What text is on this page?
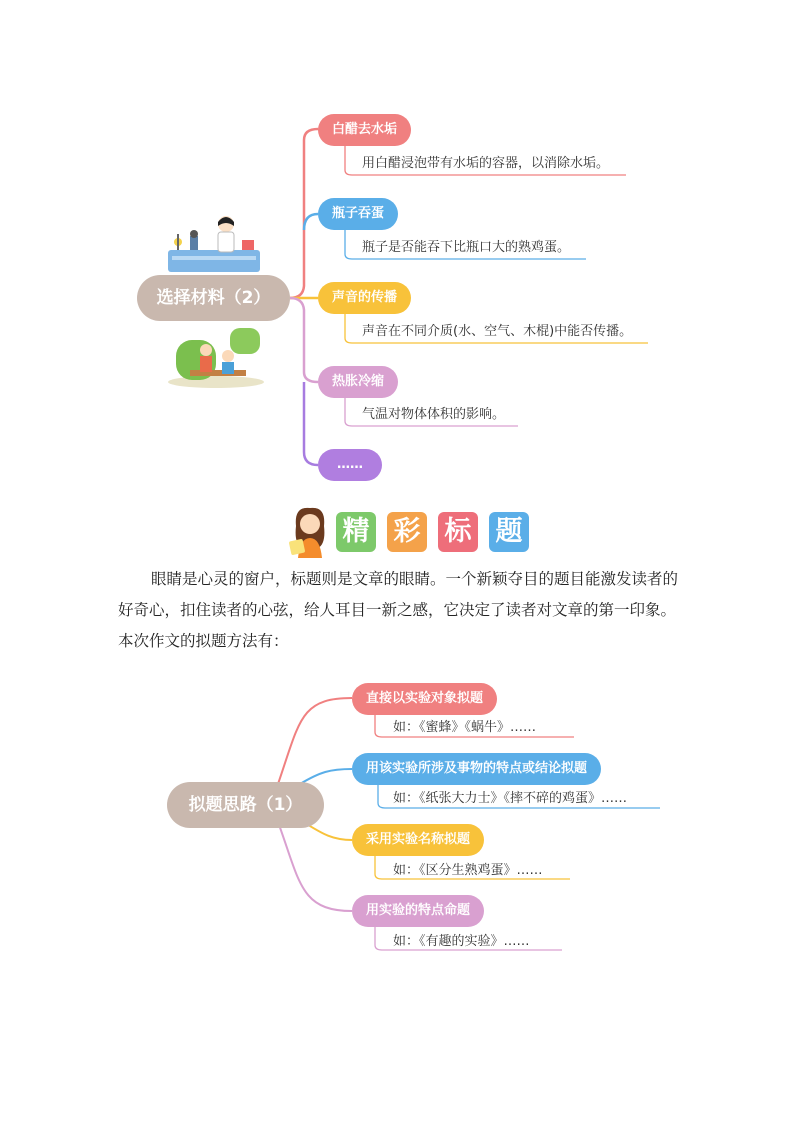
选择材料（2）
白醋去水垢
用白醋浸泡带有水垢的容器，以消除水垢。
瓶子吞蛋
瓶子是否能吞下比瓶口大的熟鸡蛋。
声音的传播
声音在不同介质(水、空气、木棍)中能否传播。
热胀冷缩
气温对物体体积的影响。
……
精 彩 标 题
眼睛是心灵的窗户，标题则是文章的眼睛。一个新颖夺目的题目能激发读者的好奇心，扣住读者的心弦，给人耳目一新之感，它决定了读者对文章的第一印象。本次作文的拟题方法有：
拟题思路（1）
直接以实验对象拟题
如：《蜜蜂》《蜗牛》……
用该实验所涉及事物的特点或结论拟题
如：《纸张大力士》《摔不碎的鸡蛋》……
采用实验名称拟题
如：《区分生熟鸡蛋》……
用实验的特点命题
如：《有趣的实验》……
